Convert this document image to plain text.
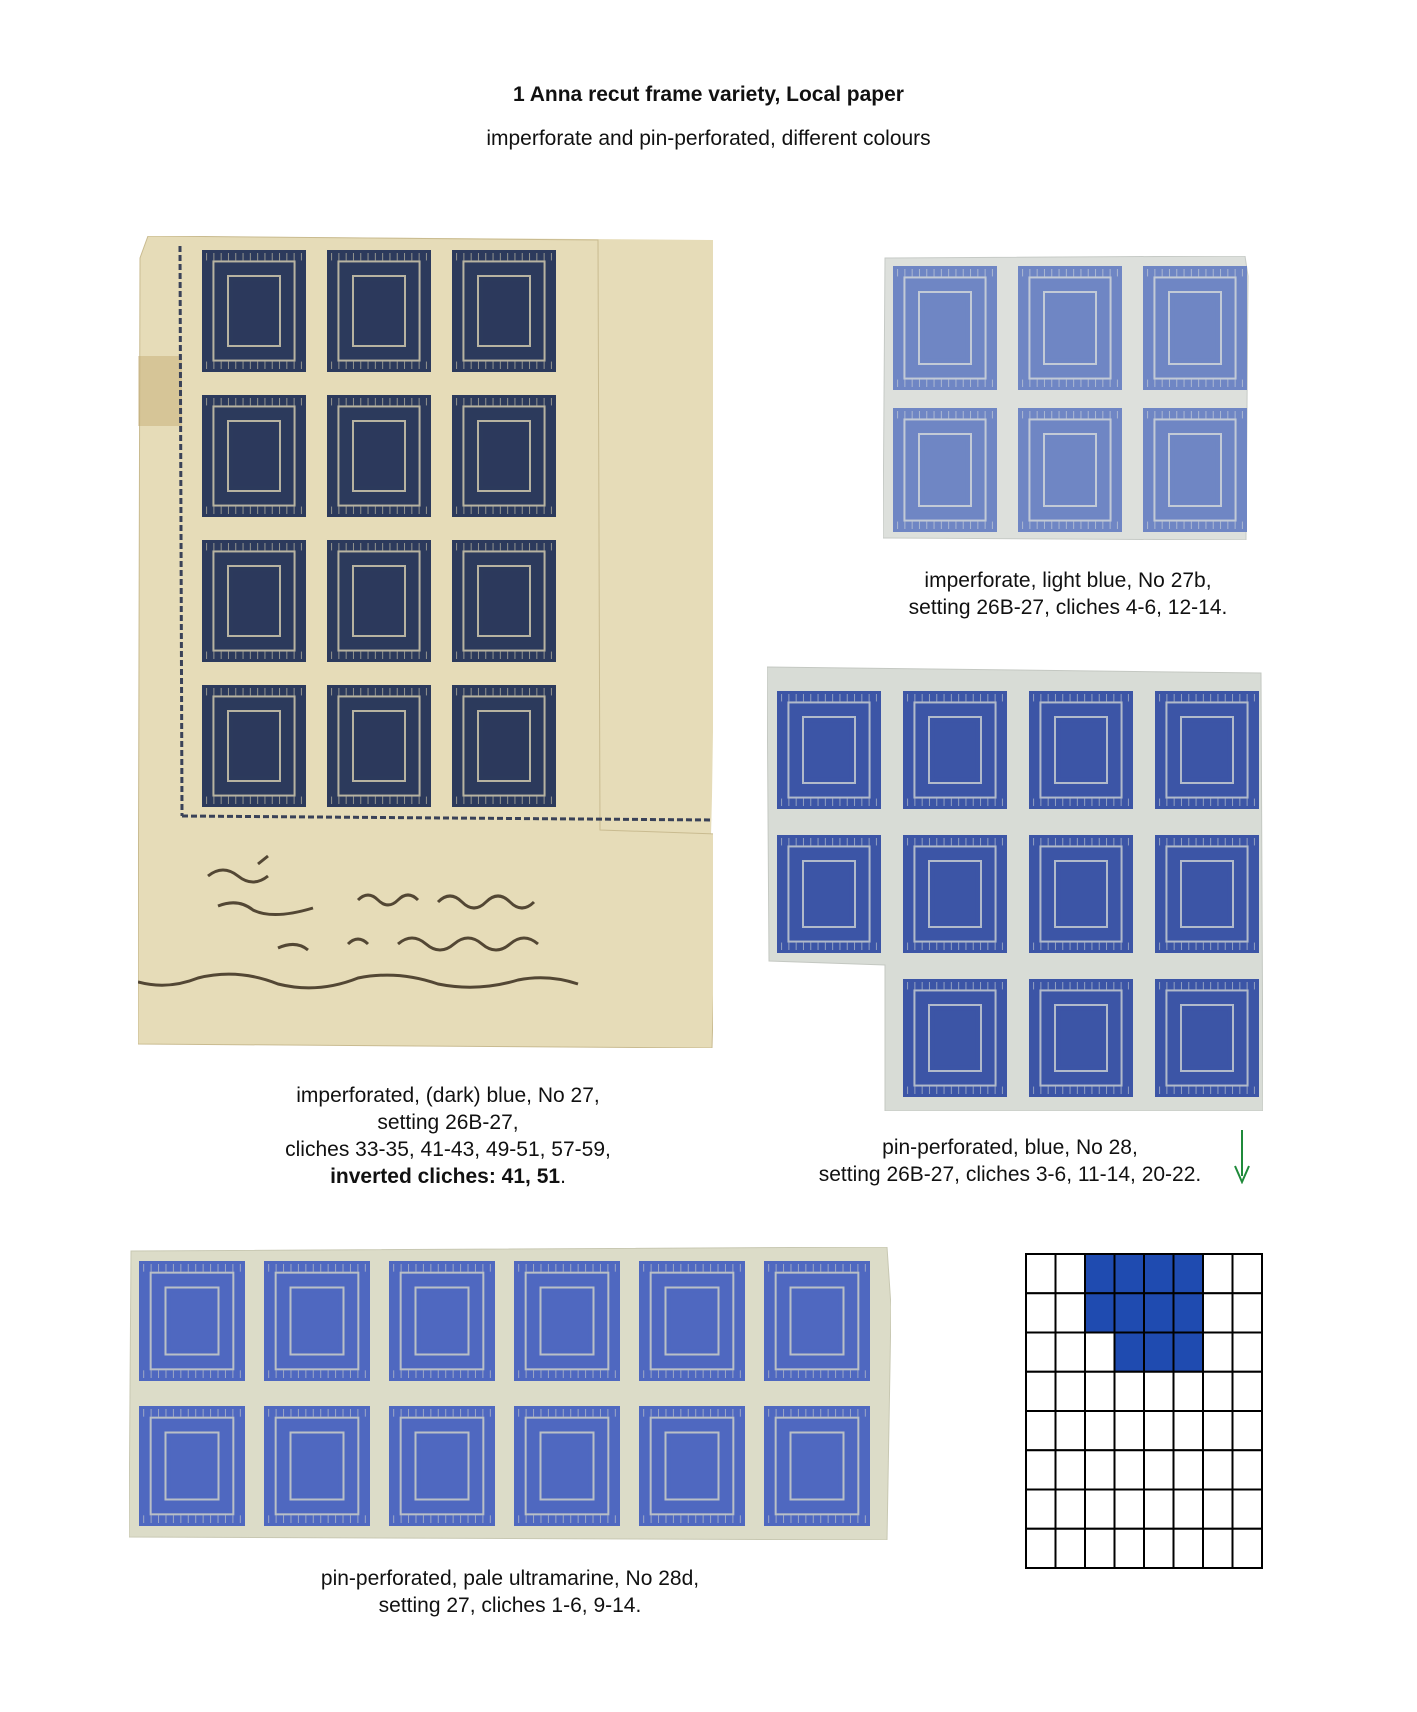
1 Anna recut frame variety, Local paper
imperforate and pin-perforated, different colours
imperforated, (dark) blue, No 27,
setting 26B-27,
cliches 33-35, 41-43, 49-51, 57-59,
inverted cliches: 41, 51.
imperforate, light blue, No 27b,
setting 26B-27, cliches 4-6, 12-14.
pin-perforated, blue, No 28,
setting 26B-27, cliches 3-6, 11-14, 20-22.
pin-perforated, pale ultramarine, No 28d,
setting 27, cliches 1-6, 9-14.
